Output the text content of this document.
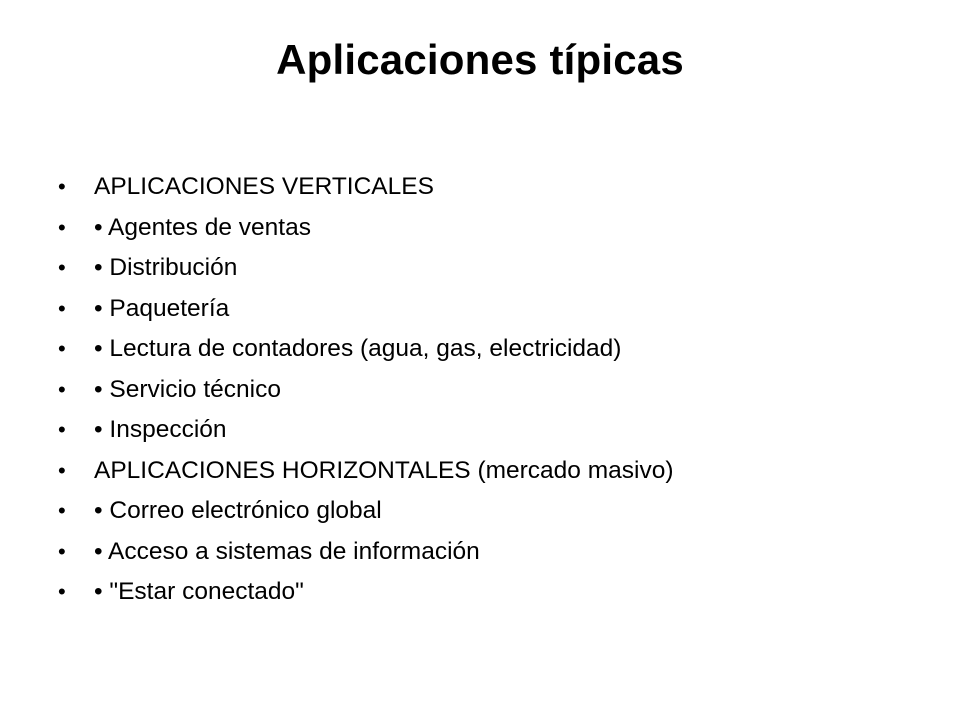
Aplicaciones típicas
•	APLICACIONES VERTICALES
•	• Agentes de ventas
•	• Distribución
•	• Paquetería
•	• Lectura de contadores (agua, gas, electricidad)
•	• Servicio técnico
•	• Inspección
•	APLICACIONES HORIZONTALES (mercado masivo)
•	• Correo electrónico global
•	• Acceso a sistemas de información
•	• "Estar conectado"
